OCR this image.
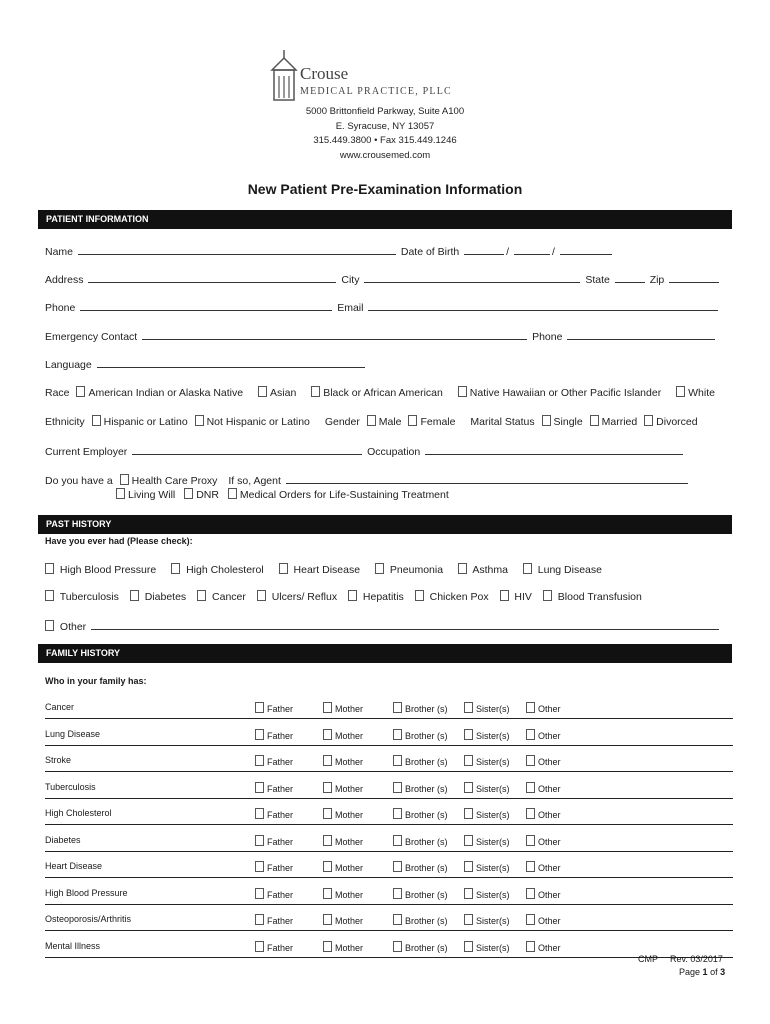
Crouse
MEDICAL PRACTICE, PLLC
5000 Brittonfield Parkway, Suite A100
E. Syracuse, NY 13057
315.449.3800 • Fax 315.449.1246
www.crousemed.com
New Patient Pre-Examination Information
PATIENT INFORMATION
Name	Date of Birth	/	/
Address	City	State	Zip
Phone	Email
Emergency Contact	Phone
Language
Race American Indian or Alaska Native	Asian	Black or African American	Native Hawaiian or Other Pacific Islander	White
Ethnicity Hispanic or Latino Not Hispanic or Latino Gender Male Female Marital Status Single Married Divorced
Current Employer	Occupation
Do you have a Health Care Proxy If so, Agent
Living Will DNR Medical Orders for Life-Sustaining Treatment
PAST HISTORY
Have you ever had (Please check):
High Blood Pressure	High Cholesterol	Heart Disease	Pneumonia	Asthma	Lung Disease
Tuberculosis Diabetes Cancer Ulcers/ Reflux Hepatitis Chicken Pox HIV Blood Transfusion
Other
FAMILY HISTORY
Who in your family has:
Cancer	Father	Mother	Brother (s)	Sister(s)	Other
Lung Disease	Father	Mother	Brother (s)	Sister(s)	Other
Stroke	Father	Mother	Brother (s)	Sister(s)	Other
Tuberculosis	Father	Mother	Brother (s)	Sister(s)	Other
High Cholesterol	Father	Mother	Brother (s)	Sister(s)	Other
Diabetes	Father	Mother	Brother (s)	Sister(s)	Other
Heart Disease	Father	Mother	Brother (s)	Sister(s)	Other
High Blood Pressure	Father	Mother	Brother (s)	Sister(s)	Other
Osteoporosis/Arthritis	Father	Mother	Brother (s)	Sister(s)	Other
Mental Illness	Father	Mother	Brother (s)	Sister(s)	Other
CMP Rev. 03/2017
Page 1 of 3
